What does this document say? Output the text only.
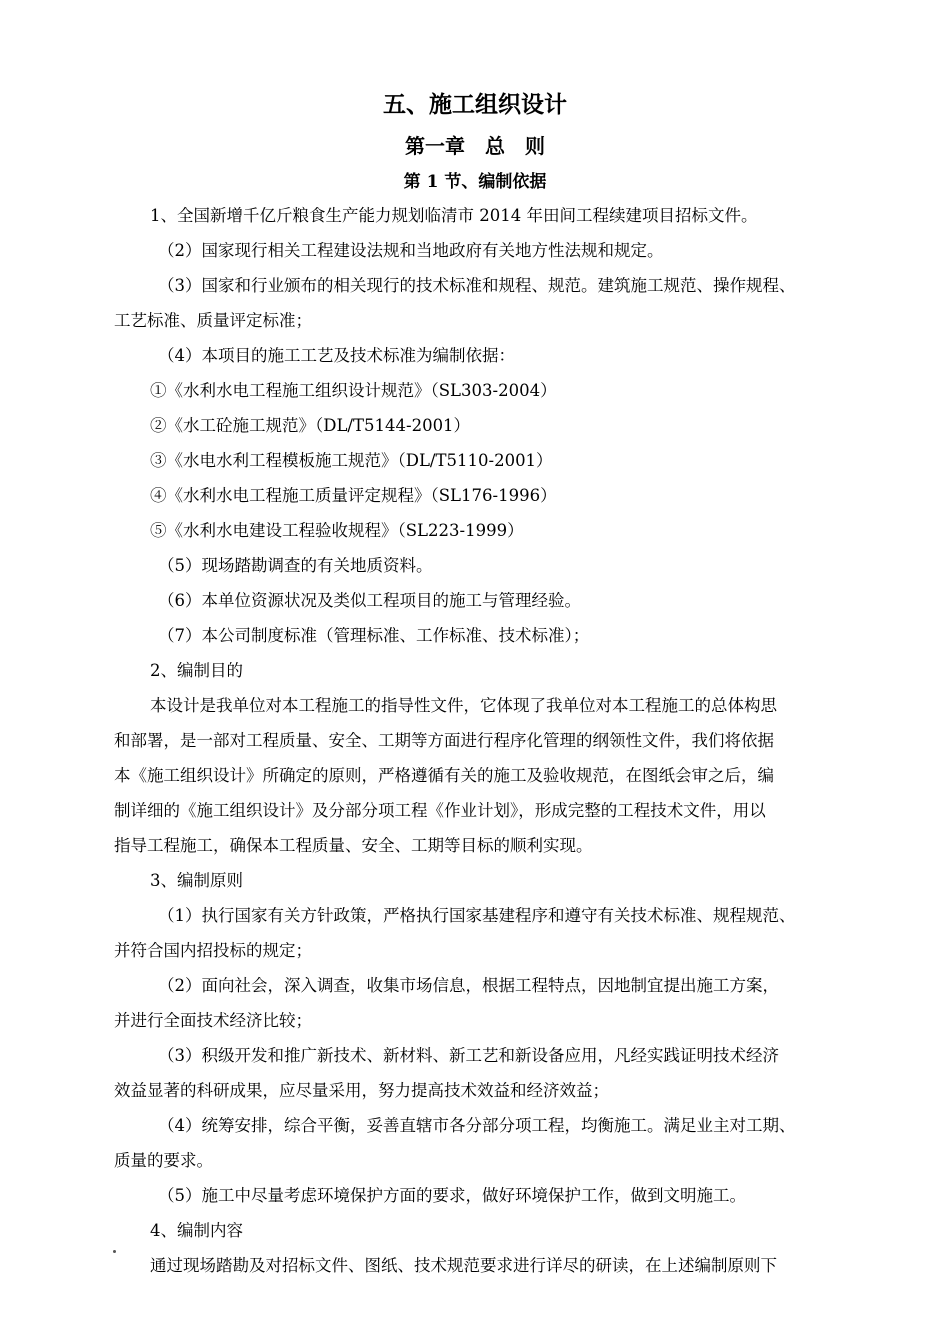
五、施工组织设计
第一章　总　则
第 1 节、编制依据
1、全国新增千亿斤粮食生产能力规划临清市 2014 年田间工程续建项目招标文件。
（2）国家现行相关工程建设法规和当地政府有关地方性法规和规定。
（3）国家和行业颁布的相关现行的技术标准和规程、规范。建筑施工规范、操作规程、
工艺标准、质量评定标准；
（4）本项目的施工工艺及技术标准为编制依据：
①《水利水电工程施工组织设计规范》（SL303-2004）
②《水工砼施工规范》（DL/T5144-2001）
③《水电水利工程模板施工规范》（DL/T5110-2001）
④《水利水电工程施工质量评定规程》（SL176-1996）
⑤《水利水电建设工程验收规程》（SL223-1999）
（5）现场踏勘调查的有关地质资料。
（6）本单位资源状况及类似工程项目的施工与管理经验。
（7）本公司制度标准（管理标准、工作标准、技术标准）；
2、编制目的
本设计是我单位对本工程施工的指导性文件，它体现了我单位对本工程施工的总体构思
和部署，是一部对工程质量、安全、工期等方面进行程序化管理的纲领性文件，我们将依据
本《施工组织设计》所确定的原则，严格遵循有关的施工及验收规范，在图纸会审之后，编
制详细的《施工组织设计》及分部分项工程《作业计划》，形成完整的工程技术文件，用以
指导工程施工，确保本工程质量、安全、工期等目标的顺利实现。
3、编制原则
（1）执行国家有关方针政策，严格执行国家基建程序和遵守有关技术标准、规程规范、
并符合国内招投标的规定；
（2）面向社会，深入调查，收集市场信息，根据工程特点，因地制宜提出施工方案，
并进行全面技术经济比较；
（3）积级开发和推广新技术、新材料、新工艺和新设备应用，凡经实践证明技术经济
效益显著的科研成果，应尽量采用，努力提高技术效益和经济效益；
（4）统筹安排，综合平衡，妥善直辖市各分部分项工程，均衡施工。满足业主对工期、
质量的要求。
（5）施工中尽量考虑环境保护方面的要求，做好环境保护工作，做到文明施工。
4、编制内容
通过现场踏勘及对招标文件、图纸、技术规范要求进行详尽的研读，在上述编制原则下
